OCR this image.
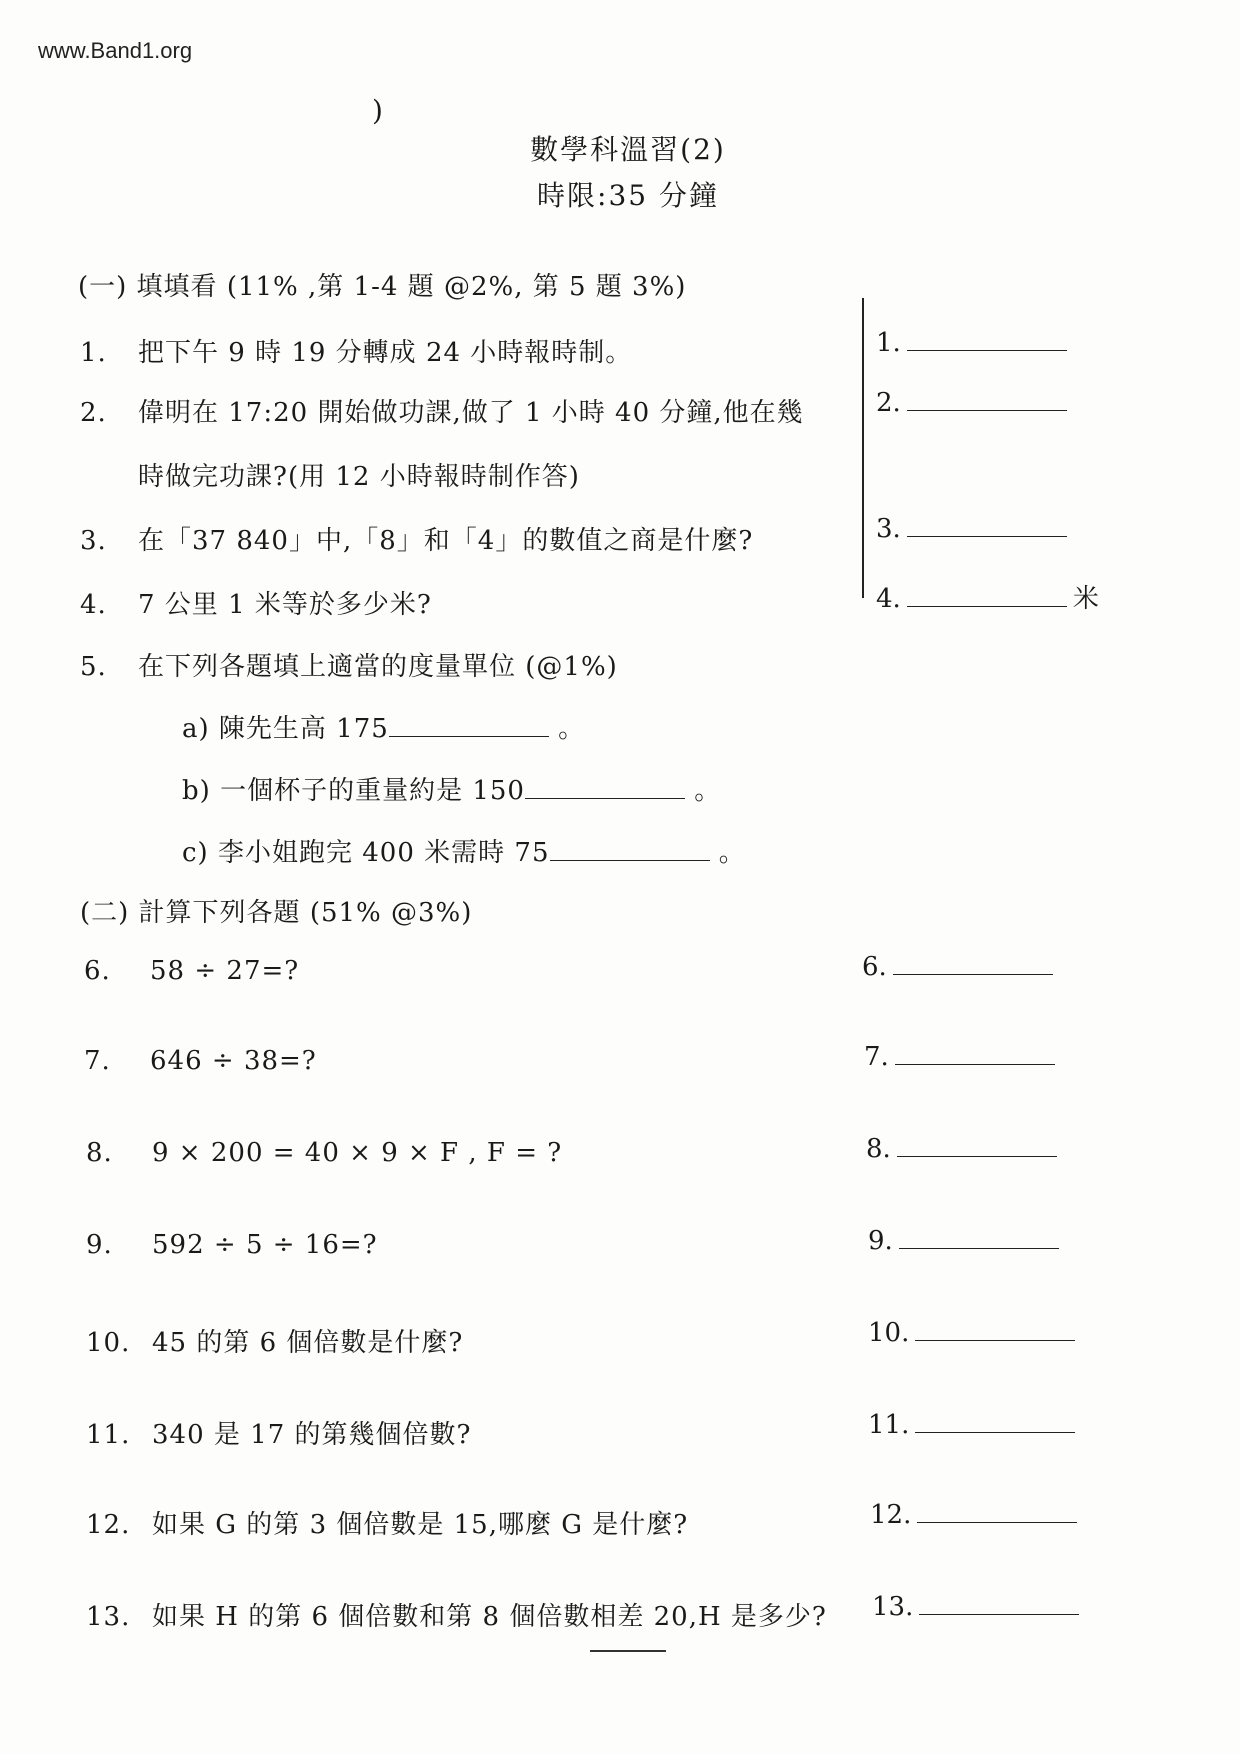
www.Band1.org
)
數學科溫習(2)
時限:35 分鐘
(一) 填填看 (11% ,第 1-4 題 @2%, 第 5 題 3%)
1. 把下午 9 時 19 分轉成 24 小時報時制。
2. 偉明在 17:20 開始做功課,做了 1 小時 40 分鐘,他在幾
時做完功課?(用 12 小時報時制作答)
3. 在「37 840」中,「8」和「4」的數值之商是什麼?
4. 7 公里 1 米等於多少米?
5. 在下列各題填上適當的度量單位 (@1%)
a) 陳先生高 175	。
b) 一個杯子的重量約是 150	。
c) 李小姐跑完 400 米需時 75	。
1.
2.
3.
4.	米
(二) 計算下列各題 (51% @3%)
6. 58 ÷ 27=?	6.
7. 646 ÷ 38=?	7.
8. 9 × 200 = 40 × 9 × F , F = ?	8.
9. 592 ÷ 5 ÷ 16=?	9.
10. 45 的第 6 個倍數是什麼?	10.
11. 340 是 17 的第幾個倍數?	11.
12. 如果 G 的第 3 個倍數是 15,哪麼 G 是什麼?	12.
13. 如果 H 的第 6 個倍數和第 8 個倍數相差 20,H 是多少? 13.
